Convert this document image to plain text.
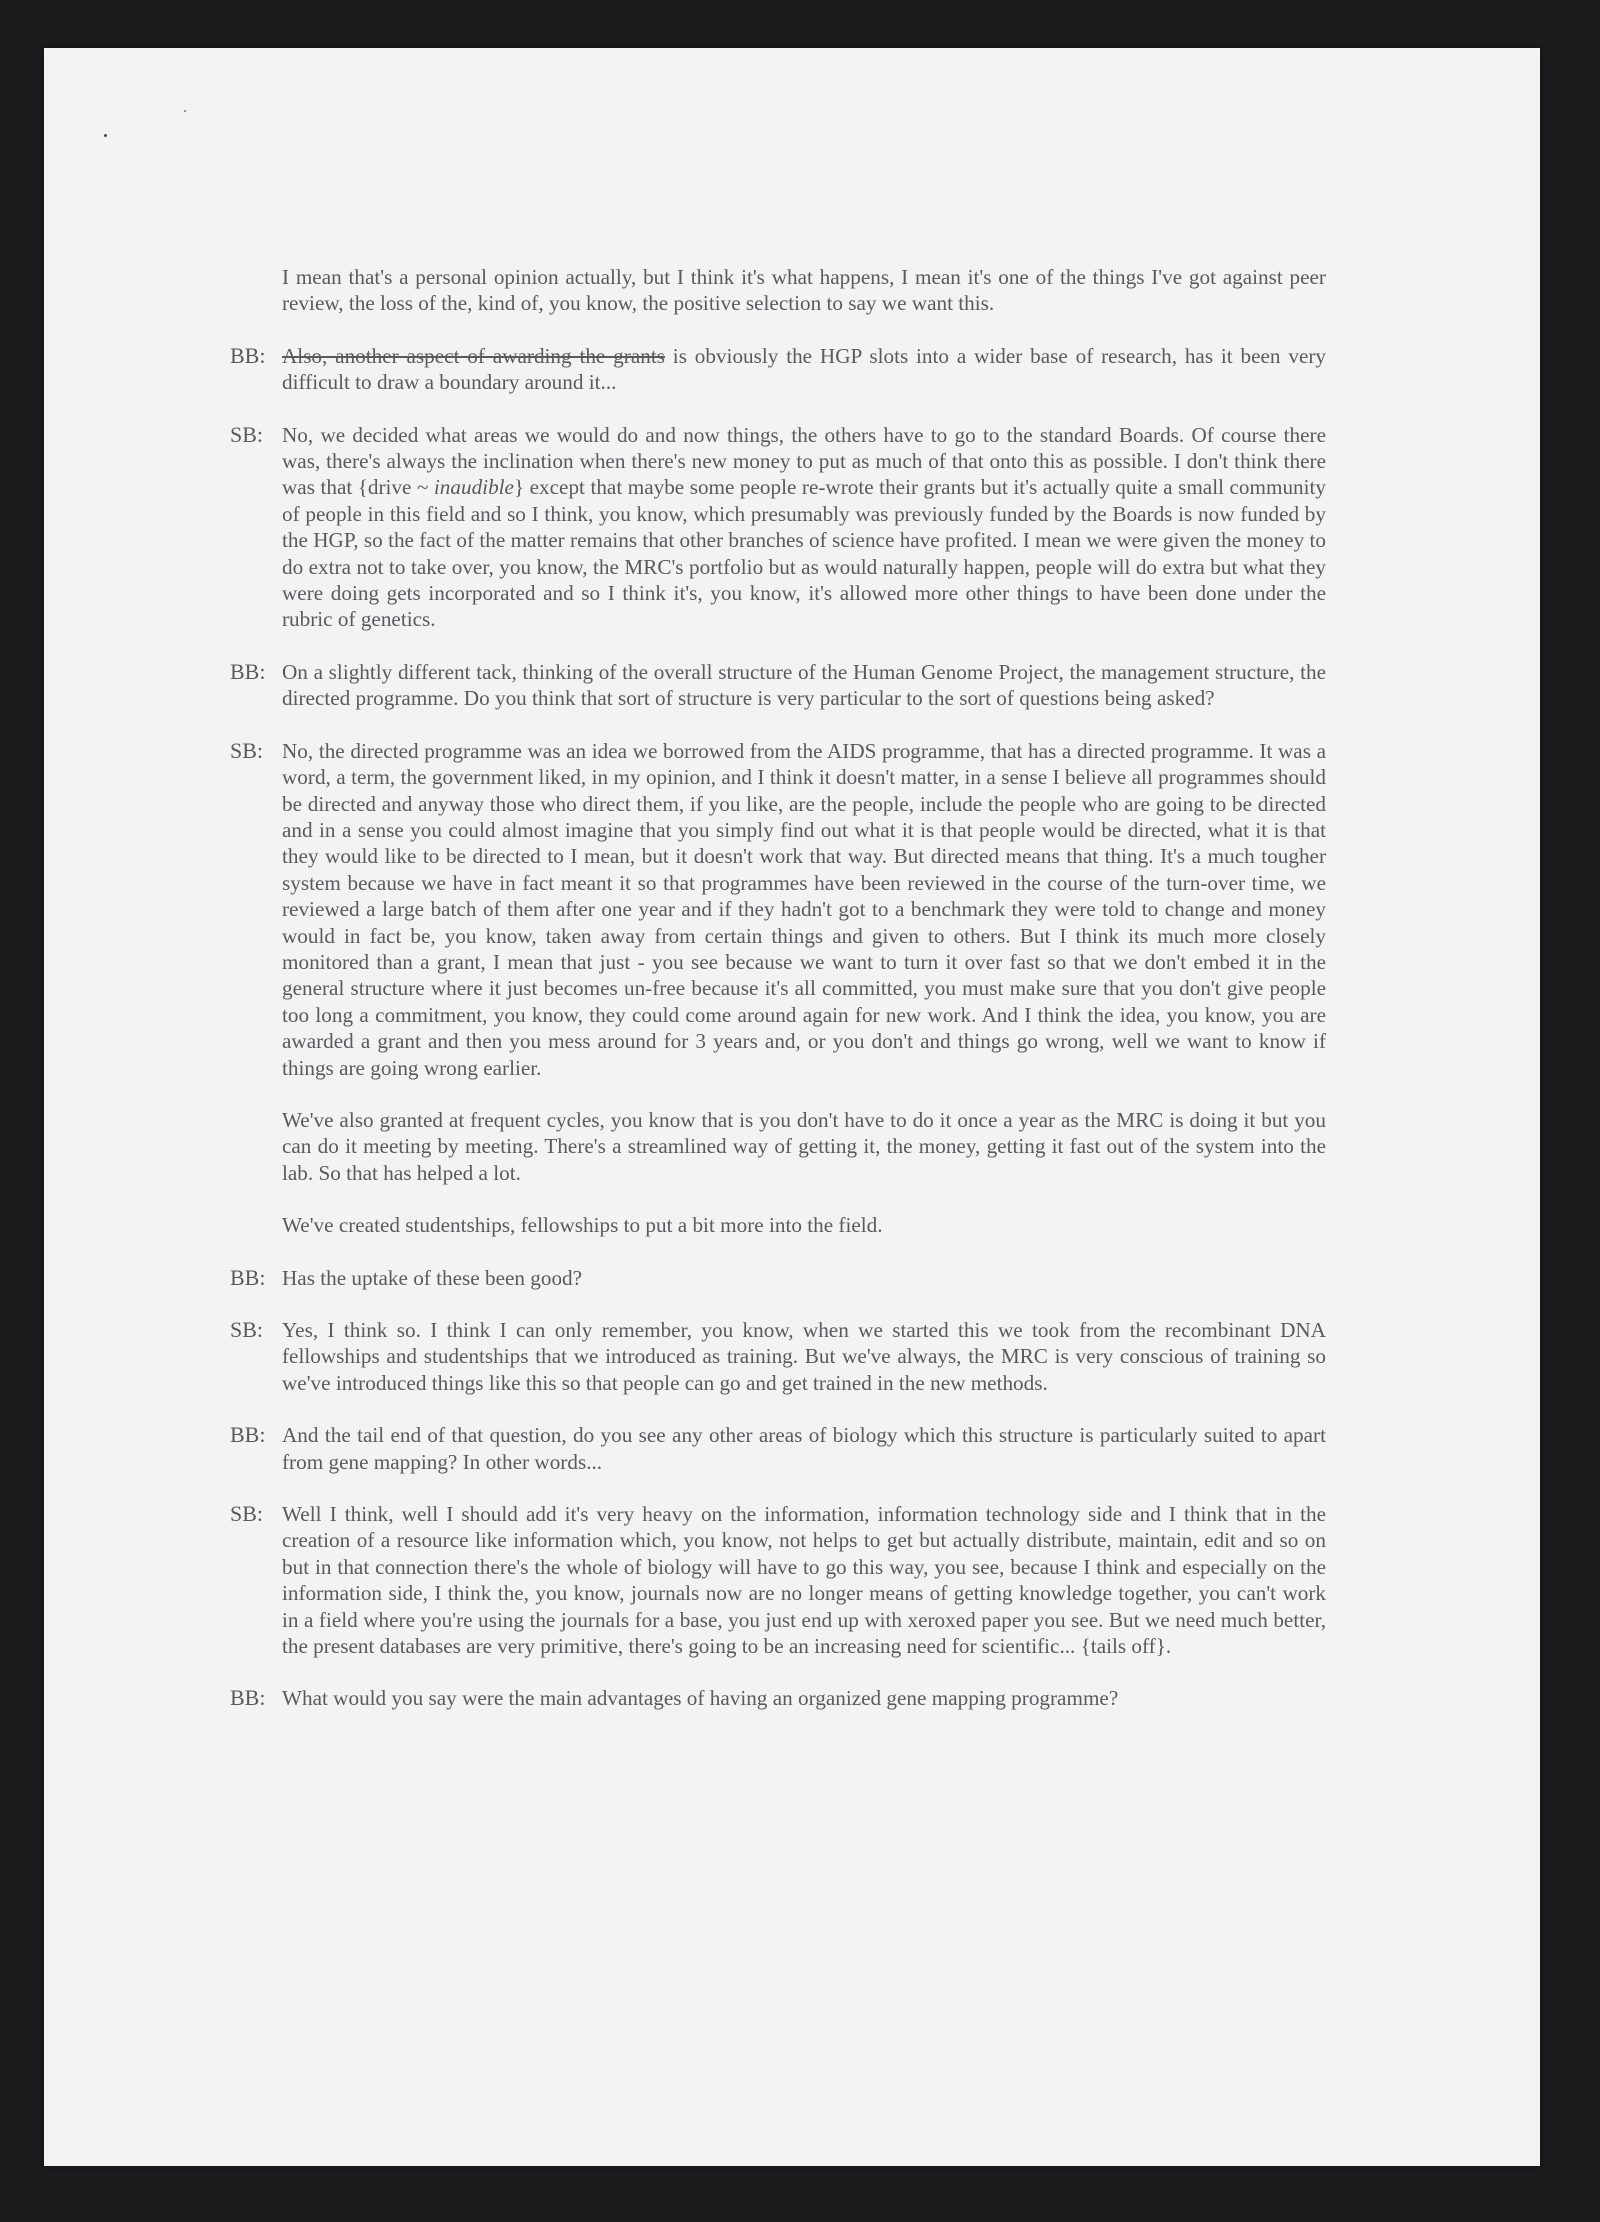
I mean that's a personal opinion actually, but I think it's what happens, I mean it's one of the things I've got against peer review, the loss of the, kind of, you know, the positive selection to say we want this.

BB: Also, another aspect of awarding the grants is obviously the HGP slots into a wider base of research, has it been very difficult to draw a boundary around it...

SB: No, we decided what areas we would do and now things, the others have to go to the standard Boards. Of course there was, there's always the inclination when there's new money to put as much of that onto this as possible. I don't think there was that {drive ~ inaudible} except that maybe some people re-wrote their grants but it's actually quite a small community of people in this field and so I think, you know, which presumably was previously funded by the Boards is now funded by the HGP, so the fact of the matter remains that other branches of science have profited. I mean we were given the money to do extra not to take over, you know, the MRC's portfolio but as would naturally happen, people will do extra but what they were doing gets incorporated and so I think it's, you know, it's allowed more other things to have been done under the rubric of genetics.

BB: On a slightly different tack, thinking of the overall structure of the Human Genome Project, the management structure, the directed programme. Do you think that sort of structure is very particular to the sort of questions being asked?

SB: No, the directed programme was an idea we borrowed from the AIDS programme, that has a directed programme. It was a word, a term, the government liked, in my opinion, and I think it doesn't matter, in a sense I believe all programmes should be directed and anyway those who direct them, if you like, are the people, include the people who are going to be directed and in a sense you could almost imagine that you simply find out what it is that people would be directed, what it is that they would like to be directed to I mean, but it doesn't work that way. But directed means that thing. It's a much tougher system because we have in fact meant it so that programmes have been reviewed in the course of the turn-over time, we reviewed a large batch of them after one year and if they hadn't got to a benchmark they were told to change and money would in fact be, you know, taken away from certain things and given to others. But I think its much more closely monitored than a grant, I mean that just - you see because we want to turn it over fast so that we don't embed it in the general structure where it just becomes un-free because it's all committed, you must make sure that you don't give people too long a commitment, you know, they could come around again for new work. And I think the idea, you know, you are awarded a grant and then you mess around for 3 years and, or you don't and things go wrong, well we want to know if things are going wrong earlier.

We've also granted at frequent cycles, you know that is you don't have to do it once a year as the MRC is doing it but you can do it meeting by meeting. There's a streamlined way of getting it, the money, getting it fast out of the system into the lab. So that has helped a lot.

We've created studentships, fellowships to put a bit more into the field.

BB: Has the uptake of these been good?

SB: Yes, I think so. I think I can only remember, you know, when we started this we took from the recombinant DNA fellowships and studentships that we introduced as training. But we've always, the MRC is very conscious of training so we've introduced things like this so that people can go and get trained in the new methods.

BB: And the tail end of that question, do you see any other areas of biology which this structure is particularly suited to apart from gene mapping? In other words...

SB: Well I think, well I should add it's very heavy on the information, information technology side and I think that in the creation of a resource like information which, you know, not helps to get but actually distribute, maintain, edit and so on but in that connection there's the whole of biology will have to go this way, you see, because I think and especially on the information side, I think the, you know, journals now are no longer means of getting knowledge together, you can't work in a field where you're using the journals for a base, you just end up with xeroxed paper you see. But we need much better, the present databases are very primitive, there's going to be an increasing need for scientific... {tails off}.

BB: What would you say were the main advantages of having an organized gene mapping programme?
